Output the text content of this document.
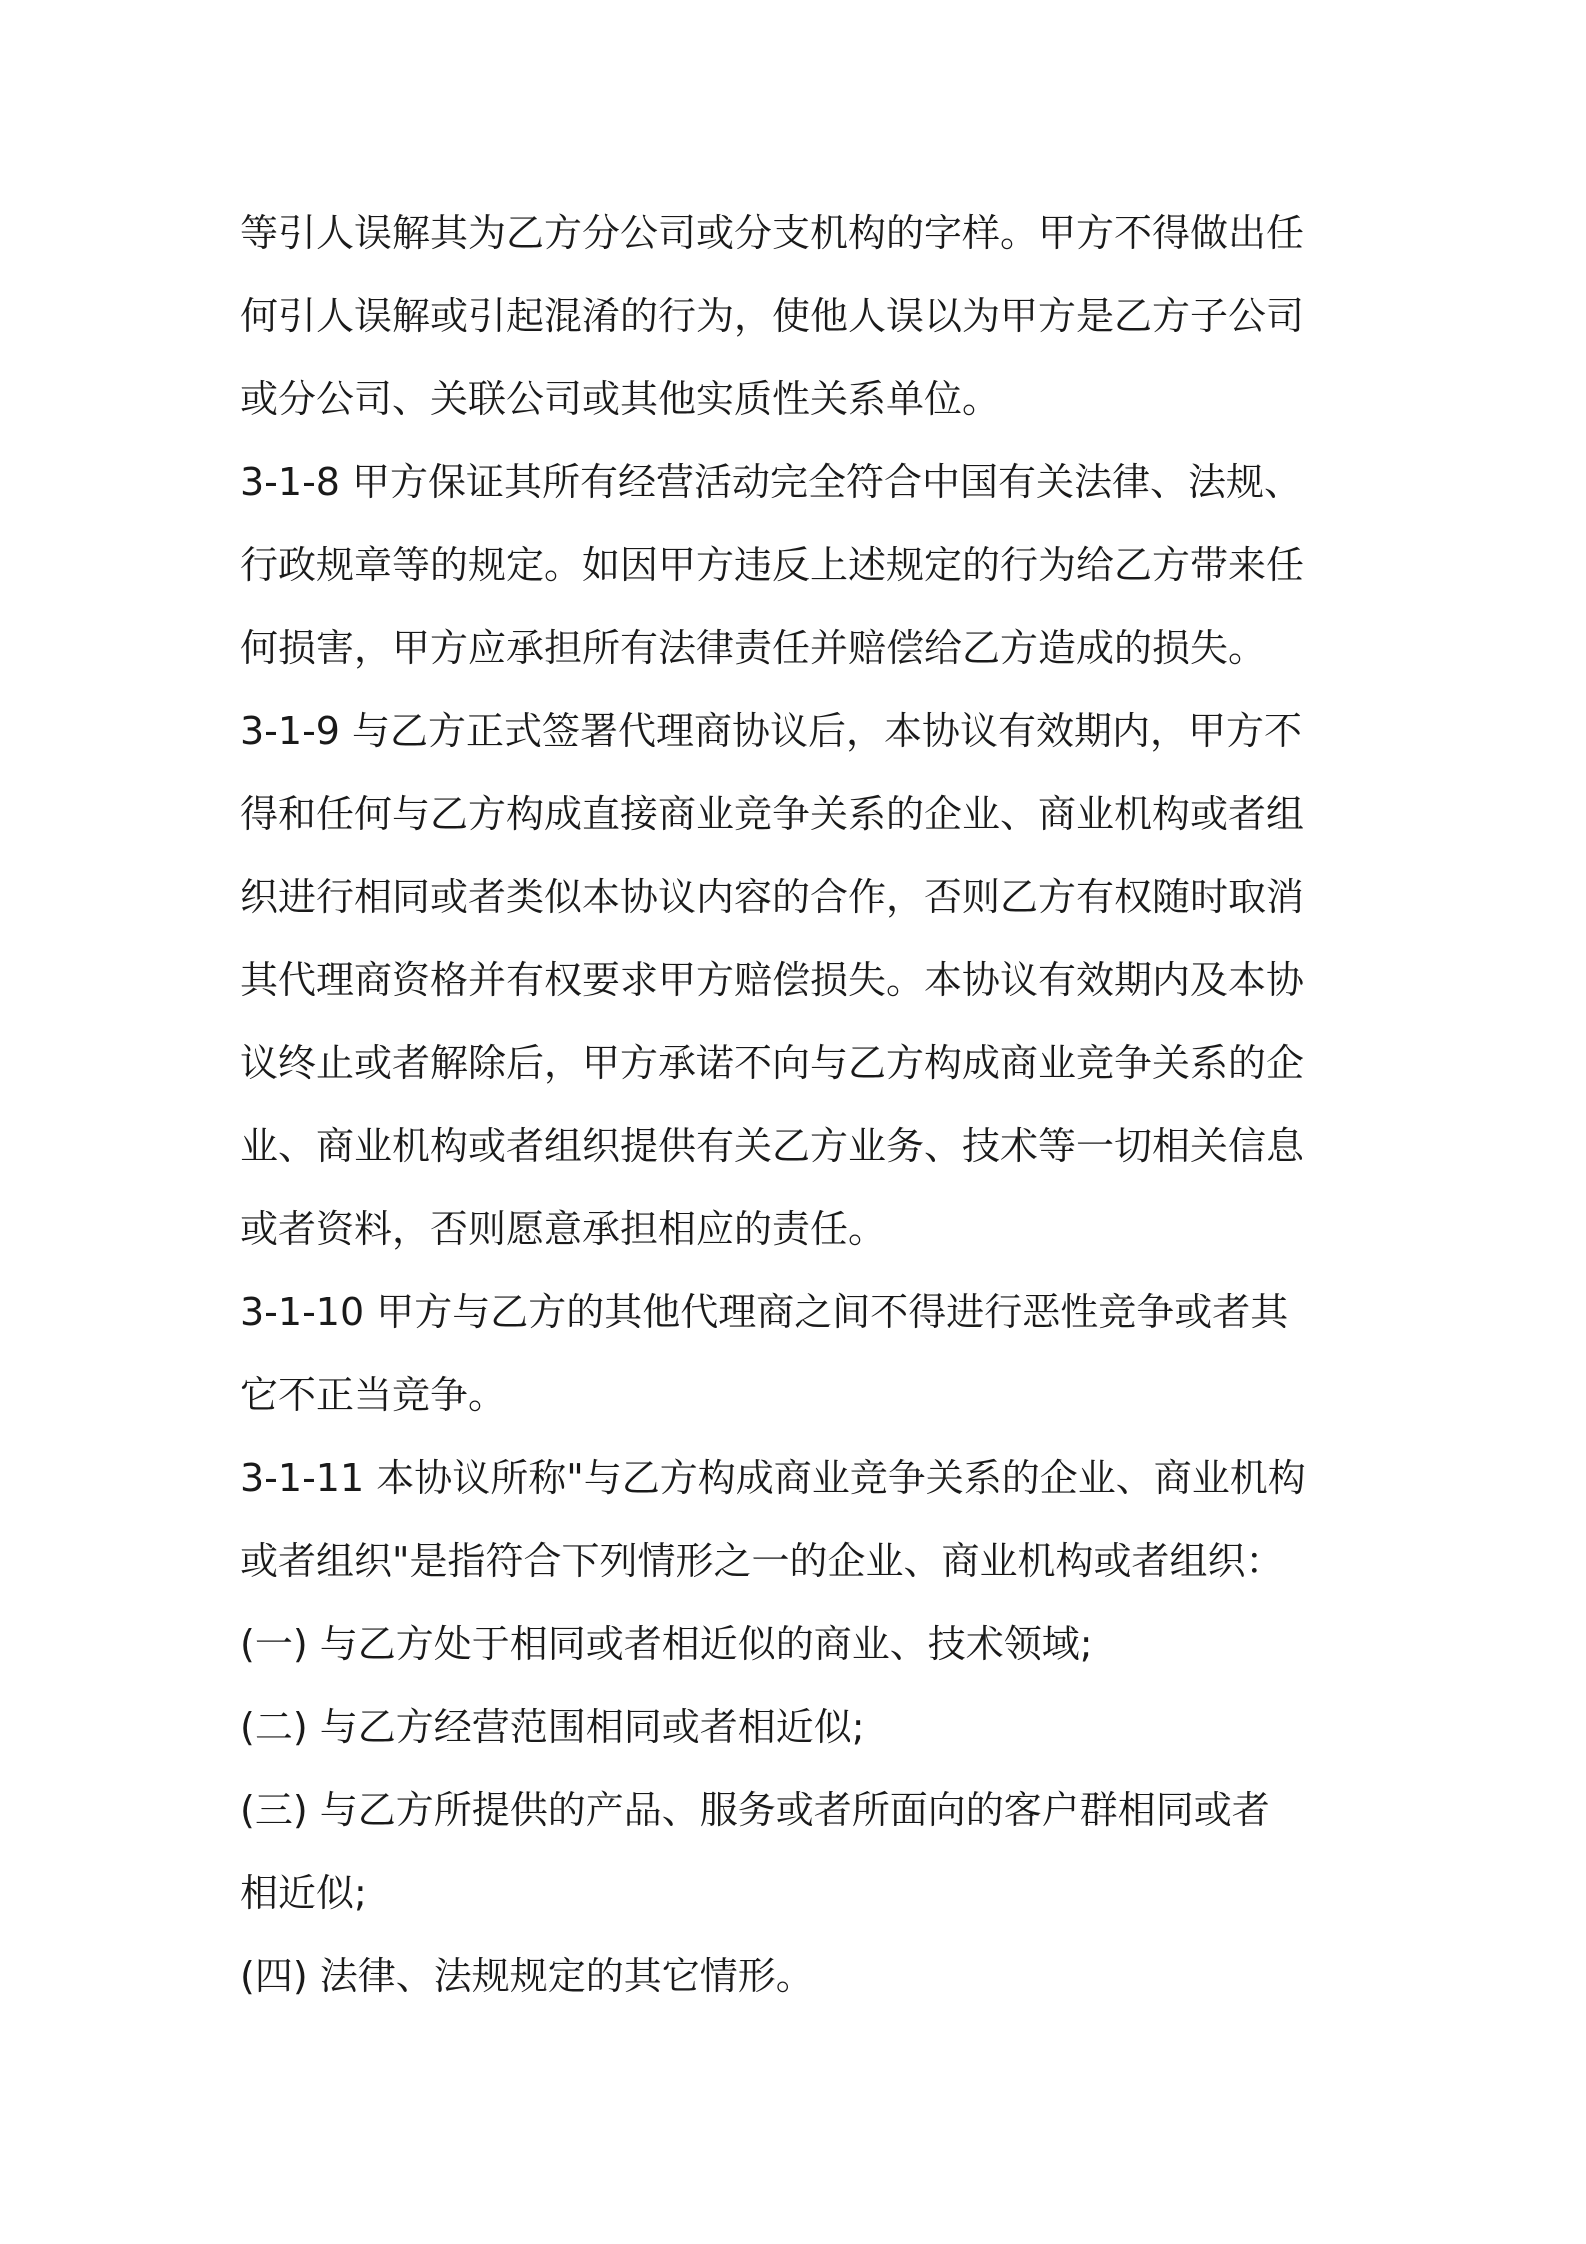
等引人误解其为乙方分公司或分支机构的字样。甲方不得做出任
何引人误解或引起混淆的行为，使他人误以为甲方是乙方子公司
或分公司、关联公司或其他实质性关系单位。
3-1-8 甲方保证其所有经营活动完全符合中国有关法律、法规、
行政规章等的规定。如因甲方违反上述规定的行为给乙方带来任
何损害，甲方应承担所有法律责任并赔偿给乙方造成的损失。
3-1-9 与乙方正式签署代理商协议后，本协议有效期内，甲方不
得和任何与乙方构成直接商业竞争关系的企业、商业机构或者组
织进行相同或者类似本协议内容的合作，否则乙方有权随时取消
其代理商资格并有权要求甲方赔偿损失。本协议有效期内及本协
议终止或者解除后，甲方承诺不向与乙方构成商业竞争关系的企
业、商业机构或者组织提供有关乙方业务、技术等一切相关信息
或者资料，否则愿意承担相应的责任。
3-1-10 甲方与乙方的其他代理商之间不得进行恶性竞争或者其
它不正当竞争。
3-1-11 本协议所称"与乙方构成商业竞争关系的企业、商业机构
或者组织"是指符合下列情形之一的企业、商业机构或者组织：
(一) 与乙方处于相同或者相近似的商业、技术领域;
(二) 与乙方经营范围相同或者相近似;
(三) 与乙方所提供的产品、服务或者所面向的客户群相同或者
相近似;
(四) 法律、法规规定的其它情形。
